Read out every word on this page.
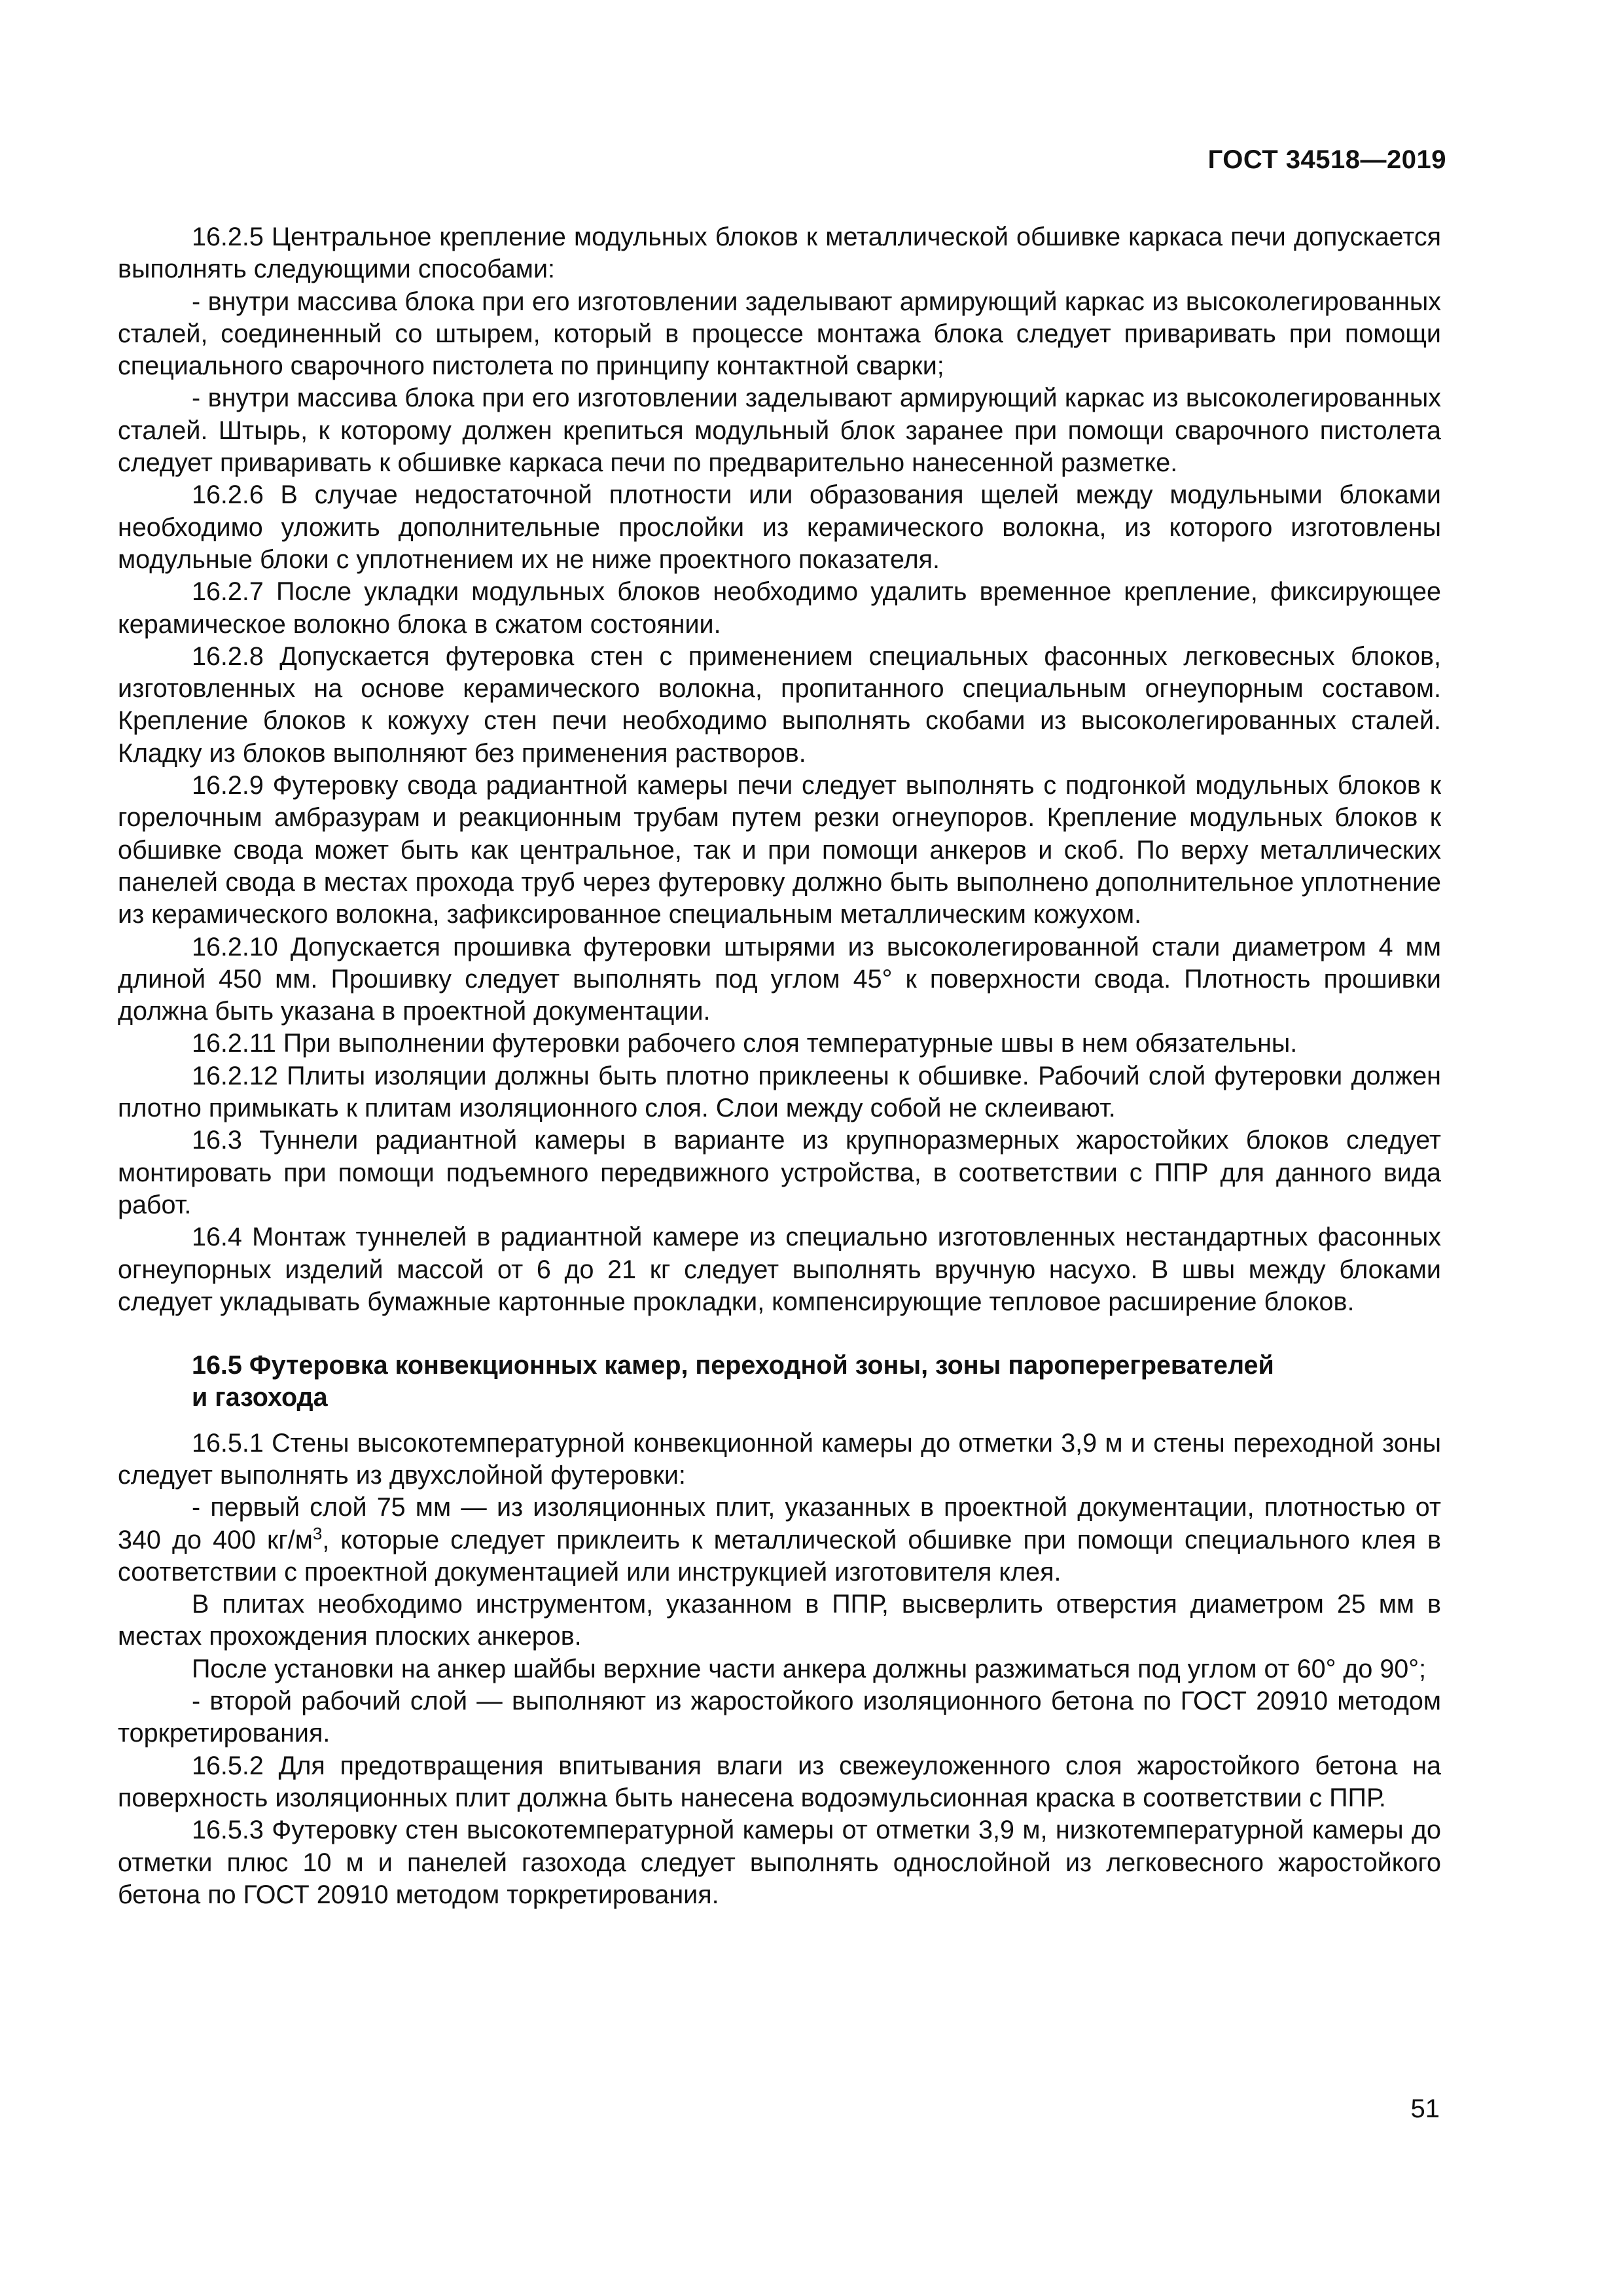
ГОСТ 34518—2019

16.2.5 Центральное крепление модульных блоков к металлической обшивке каркаса печи допускается выполнять следующими способами:

- внутри массива блока при его изготовлении заделывают армирующий каркас из высоколегированных сталей, соединенный со штырем, который в процессе монтажа блока следует приваривать при помощи специального сварочного пистолета по принципу контактной сварки;

- внутри массива блока при его изготовлении заделывают армирующий каркас из высоколегированных сталей. Штырь, к которому должен крепиться модульный блок заранее при помощи сварочного пистолета следует приваривать к обшивке каркаса печи по предварительно нанесенной разметке.

16.2.6 В случае недостаточной плотности или образования щелей между модульными блоками необходимо уложить дополнительные прослойки из керамического волокна, из которого изготовлены модульные блоки с уплотнением их не ниже проектного показателя.

16.2.7 После укладки модульных блоков необходимо удалить временное крепление, фиксирующее керамическое волокно блока в сжатом состоянии.

16.2.8 Допускается футеровка стен с применением специальных фасонных легковесных блоков, изготовленных на основе керамического волокна, пропитанного специальным огнеупорным составом. Крепление блоков к кожуху стен печи необходимо выполнять скобами из высоколегированных сталей. Кладку из блоков выполняют без применения растворов.

16.2.9 Футеровку свода радиантной камеры печи следует выполнять с подгонкой модульных блоков к горелочным амбразурам и реакционным трубам путем резки огнеупоров. Крепление модульных блоков к обшивке свода может быть как центральное, так и при помощи анкеров и скоб. По верху металлических панелей свода в местах прохода труб через футеровку должно быть выполнено дополнительное уплотнение из керамического волокна, зафиксированное специальным металлическим кожухом.

16.2.10 Допускается прошивка футеровки штырями из высоколегированной стали диаметром 4 мм длиной 450 мм. Прошивку следует выполнять под углом 45° к поверхности свода. Плотность прошивки должна быть указана в проектной документации.

16.2.11 При выполнении футеровки рабочего слоя температурные швы в нем обязательны.

16.2.12 Плиты изоляции должны быть плотно приклеены к обшивке. Рабочий слой футеровки должен плотно примыкать к плитам изоляционного слоя. Слои между собой не склеивают.

16.3 Туннели радиантной камеры в варианте из крупноразмерных жаростойких блоков следует монтировать при помощи подъемного передвижного устройства, в соответствии с ППР для данного вида работ.

16.4 Монтаж туннелей в радиантной камере из специально изготовленных нестандартных фасонных огнеупорных изделий массой от 6 до 21 кг следует выполнять вручную насухо. В швы между блоками следует укладывать бумажные картонные прокладки, компенсирующие тепловое расширение блоков.

16.5 Футеровка конвекционных камер, переходной зоны, зоны пароперегревателей
и газохода

16.5.1 Стены высокотемпературной конвекционной камеры до отметки 3,9 м и стены переходной зоны следует выполнять из двухслойной футеровки:

- первый слой 75 мм — из изоляционных плит, указанных в проектной документации, плотностью от 340 до 400 $кг/м^3$, которые следует приклеить к металлической обшивке при помощи специального клея в соответствии с проектной документацией или инструкцией изготовителя клея.

В плитах необходимо инструментом, указанном в ППР, высверлить отверстия диаметром 25 мм в местах прохождения плоских анкеров.

После установки на анкер шайбы верхние части анкера должны разжиматься под углом от 60° до 90°;

- второй рабочий слой — выполняют из жаростойкого изоляционного бетона по ГОСТ 20910 методом торкретирования.

16.5.2 Для предотвращения впитывания влаги из свежеуложенного слоя жаростойкого бетона на поверхность изоляционных плит должна быть нанесена водоэмульсионная краска в соответствии с ППР.

16.5.3 Футеровку стен высокотемпературной камеры от отметки 3,9 м, низкотемпературной камеры до отметки плюс 10 м и панелей газохода следует выполнять однослойной из легковесного жаростойкого бетона по ГОСТ 20910 методом торкретирования.

51
